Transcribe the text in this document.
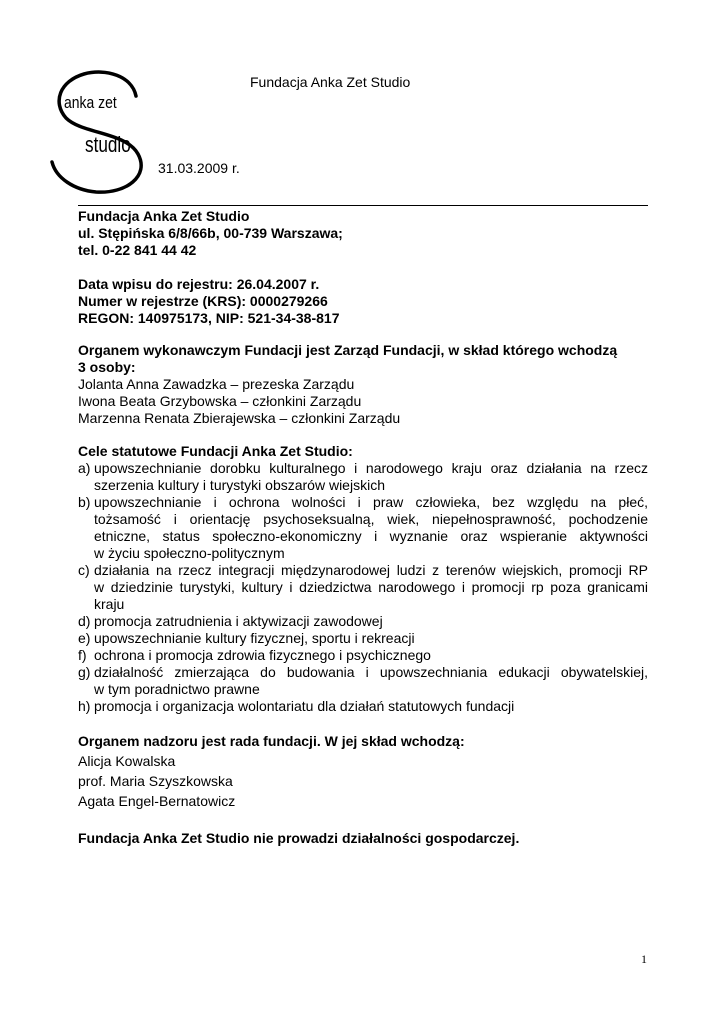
anka zet
studio
Fundacja Anka Zet Studio
31.03.2009 r.
Fundacja Anka Zet Studio
ul. Stępińska 6/8/66b, 00-739 Warszawa;
tel. 0-22 841 44 42
Data wpisu do rejestru: 26.04.2007 r.
Numer w rejestrze (KRS): 0000279266
REGON: 140975173, NIP: 521-34-38-817
Organem wykonawczym Fundacji jest Zarząd Fundacji, w skład którego wchodzą
3 osoby:
Jolanta Anna Zawadzka – prezeska Zarządu
Iwona Beata Grzybowska – członkini Zarządu
Marzenna Renata Zbierajewska – członkini Zarządu
Cele statutowe Fundacji Anka Zet Studio:
a) upowszechnianie dorobku kulturalnego i narodowego kraju oraz działania na rzecz
szerzenia kultury i turystyki obszarów wiejskich
b) upowszechnianie i ochrona wolności i praw człowieka, bez względu na płeć,
tożsamość i orientację psychoseksualną, wiek, niepełnosprawność, pochodzenie
etniczne, status społeczno-ekonomiczny i wyznanie oraz wspieranie aktywności
w życiu społeczno-politycznym
c) działania na rzecz integracji międzynarodowej ludzi z terenów wiejskich, promocji RP
w dziedzinie turystyki, kultury i dziedzictwa narodowego i promocji rp poza granicami
kraju
d) promocja zatrudnienia i aktywizacji zawodowej
e) upowszechnianie kultury fizycznej, sportu i rekreacji
f) ochrona i promocja zdrowia fizycznego i psychicznego
g) działalność zmierzająca do budowania i upowszechniania edukacji obywatelskiej,
w tym poradnictwo prawne
h) promocja i organizacja wolontariatu dla działań statutowych fundacji
Organem nadzoru jest rada fundacji. W jej skład wchodzą:
Alicja Kowalska
prof. Maria Szyszkowska
Agata Engel-Bernatowicz
Fundacja Anka Zet Studio nie prowadzi działalności gospodarczej.
1
